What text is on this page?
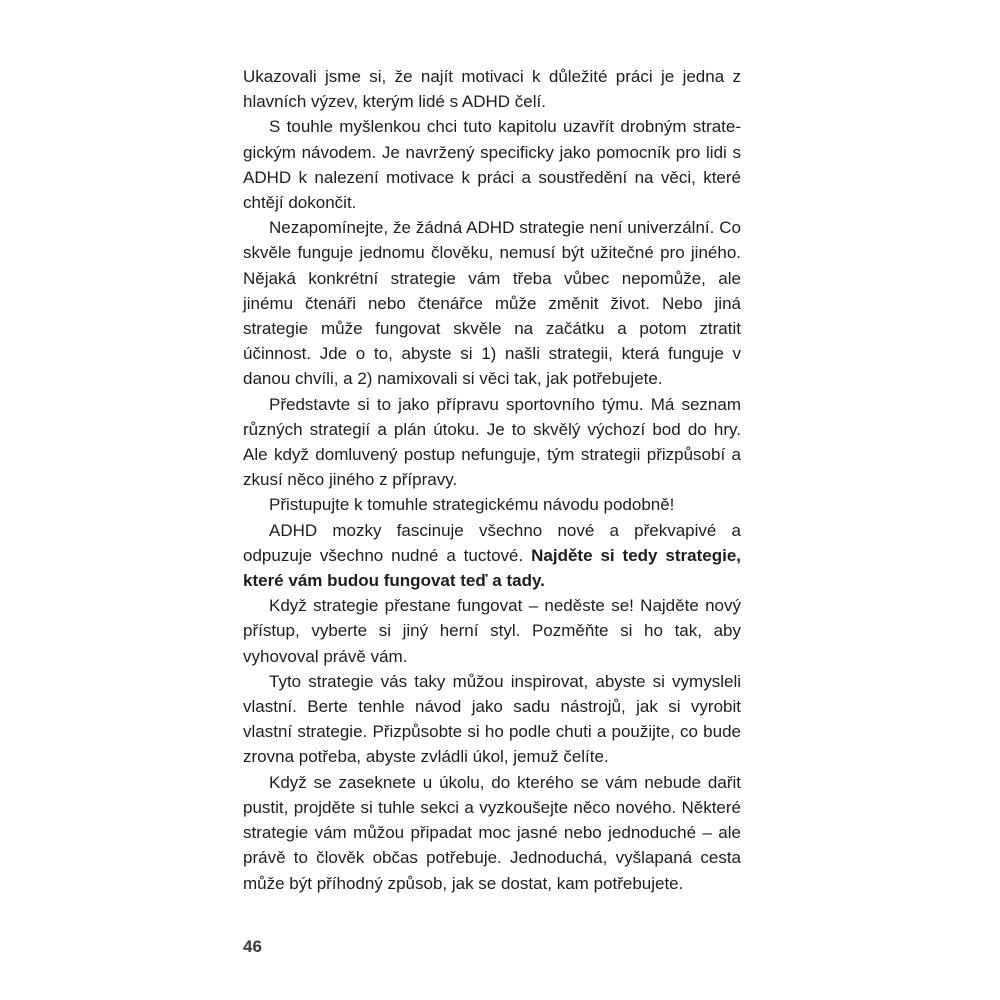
Ukazovali jsme si, že najít motivaci k důležité práci je jedna z hlavních výzev, kterým lidé s ADHD čelí.

S touhle myšlenkou chci tuto kapitolu uzavřít drobným strategickým návodem. Je navržený specificky jako pomocník pro lidi s ADHD k nalezení motivace k práci a soustředění na věci, které chtějí dokončit.

Nezapomínejte, že žádná ADHD strategie není univerzální. Co skvěle funguje jednomu člověku, nemusí být užitečné pro jiného. Nějaká konkrétní strategie vám třeba vůbec nepomůže, ale jinému čtenáři nebo čtenářce může změnit život. Nebo jiná strategie může fungovat skvěle na začátku a potom ztratit účinnost. Jde o to, abyste si 1) našli strategii, která funguje v danou chvíli, a 2) namixovali si věci tak, jak potřebujete.

Představte si to jako přípravu sportovního týmu. Má seznam různých strategií a plán útoku. Je to skvělý výchozí bod do hry. Ale když domluvený postup nefunguje, tým strategii přizpůsobí a zkusí něco jiného z přípravy.

Přistupujte k tomuhle strategickému návodu podobně!

ADHD mozky fascinuje všechno nové a překvapivé a odpuzuje všechno nudné a tuctové. Najděte si tedy strategie, které vám budou fungovat teď a tady.

Když strategie přestane fungovat – neděste se! Najděte nový přístup, vyberte si jiný herní styl. Pozměňte si ho tak, aby vyhovoval právě vám.

Tyto strategie vás taky můžou inspirovat, abyste si vymysleli vlastní. Berte tenhle návod jako sadu nástrojů, jak si vyrobit vlastní strategie. Přizpůsobte si ho podle chuti a použijte, co bude zrovna potřeba, abyste zvládli úkol, jemuž čelíte.

Když se zaseknete u úkolu, do kterého se vám nebude dařit pustit, projděte si tuhle sekci a vyzkoušejte něco nového. Některé strategie vám můžou připadat moc jasné nebo jednoduché – ale právě to člověk občas potřebuje. Jednoduchá, vyšlapaná cesta může být příhodný způsob, jak se dostat, kam potřebujete.

46
